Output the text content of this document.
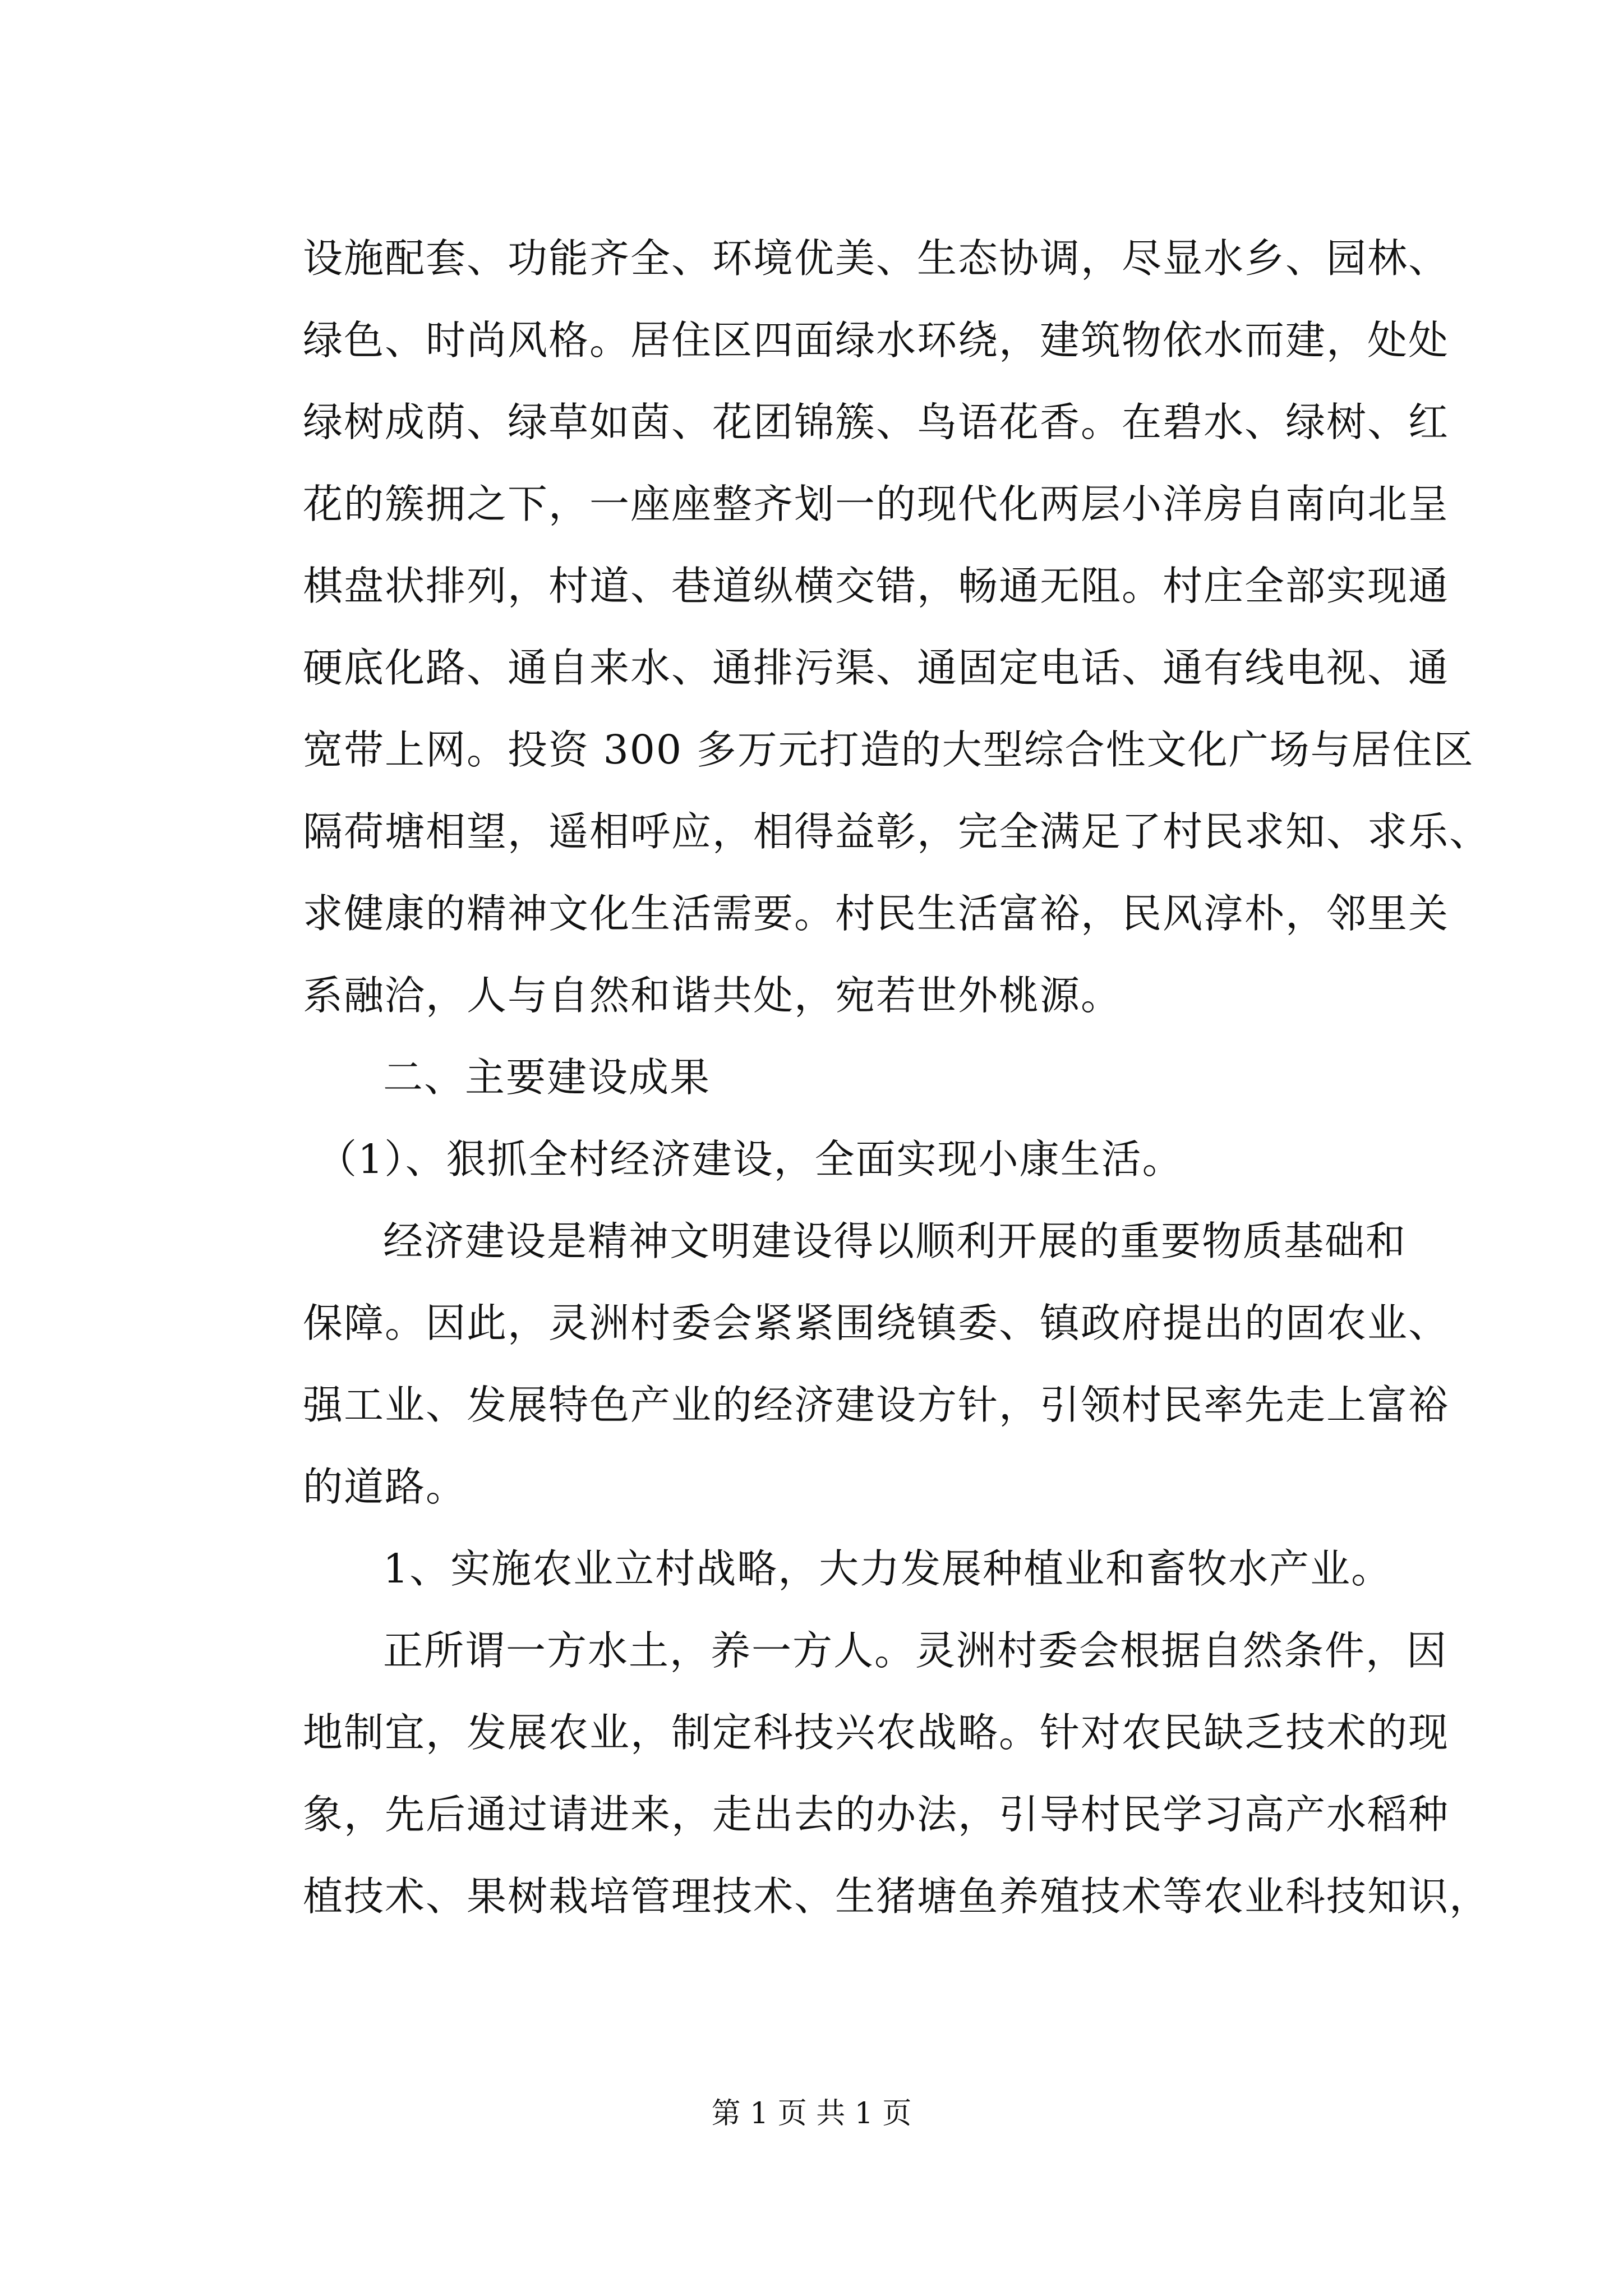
设施配套、功能齐全、环境优美、生态协调，尽显水乡、园林、
绿色、时尚风格。居住区四面绿水环绕，建筑物依水而建，处处
绿树成荫、绿草如茵、花团锦簇、鸟语花香。在碧水、绿树、红
花的簇拥之下，一座座整齐划一的现代化两层小洋房自南向北呈
棋盘状排列，村道、巷道纵横交错，畅通无阻。村庄全部实现通
硬底化路、通自来水、通排污渠、通固定电话、通有线电视、通
宽带上网。投资 300 多万元打造的大型综合性文化广场与居住区
隔荷塘相望，遥相呼应，相得益彰，完全满足了村民求知、求乐、
求健康的精神文化生活需要。村民生活富裕，民风淳朴，邻里关
系融洽，人与自然和谐共处，宛若世外桃源。
二、主要建设成果
（1）、狠抓全村经济建设，全面实现小康生活。
经济建设是精神文明建设得以顺利开展的重要物质基础和
保障。因此，灵洲村委会紧紧围绕镇委、镇政府提出的固农业、
强工业、发展特色产业的经济建设方针，引领村民率先走上富裕
的道路。
1、实施农业立村战略，大力发展种植业和畜牧水产业。
正所谓一方水土，养一方人。灵洲村委会根据自然条件，因
地制宜，发展农业，制定科技兴农战略。针对农民缺乏技术的现
象，先后通过请进来，走出去的办法，引导村民学习高产水稻种
植技术、果树栽培管理技术、生猪塘鱼养殖技术等农业科技知识，
第 1 页 共 1 页
